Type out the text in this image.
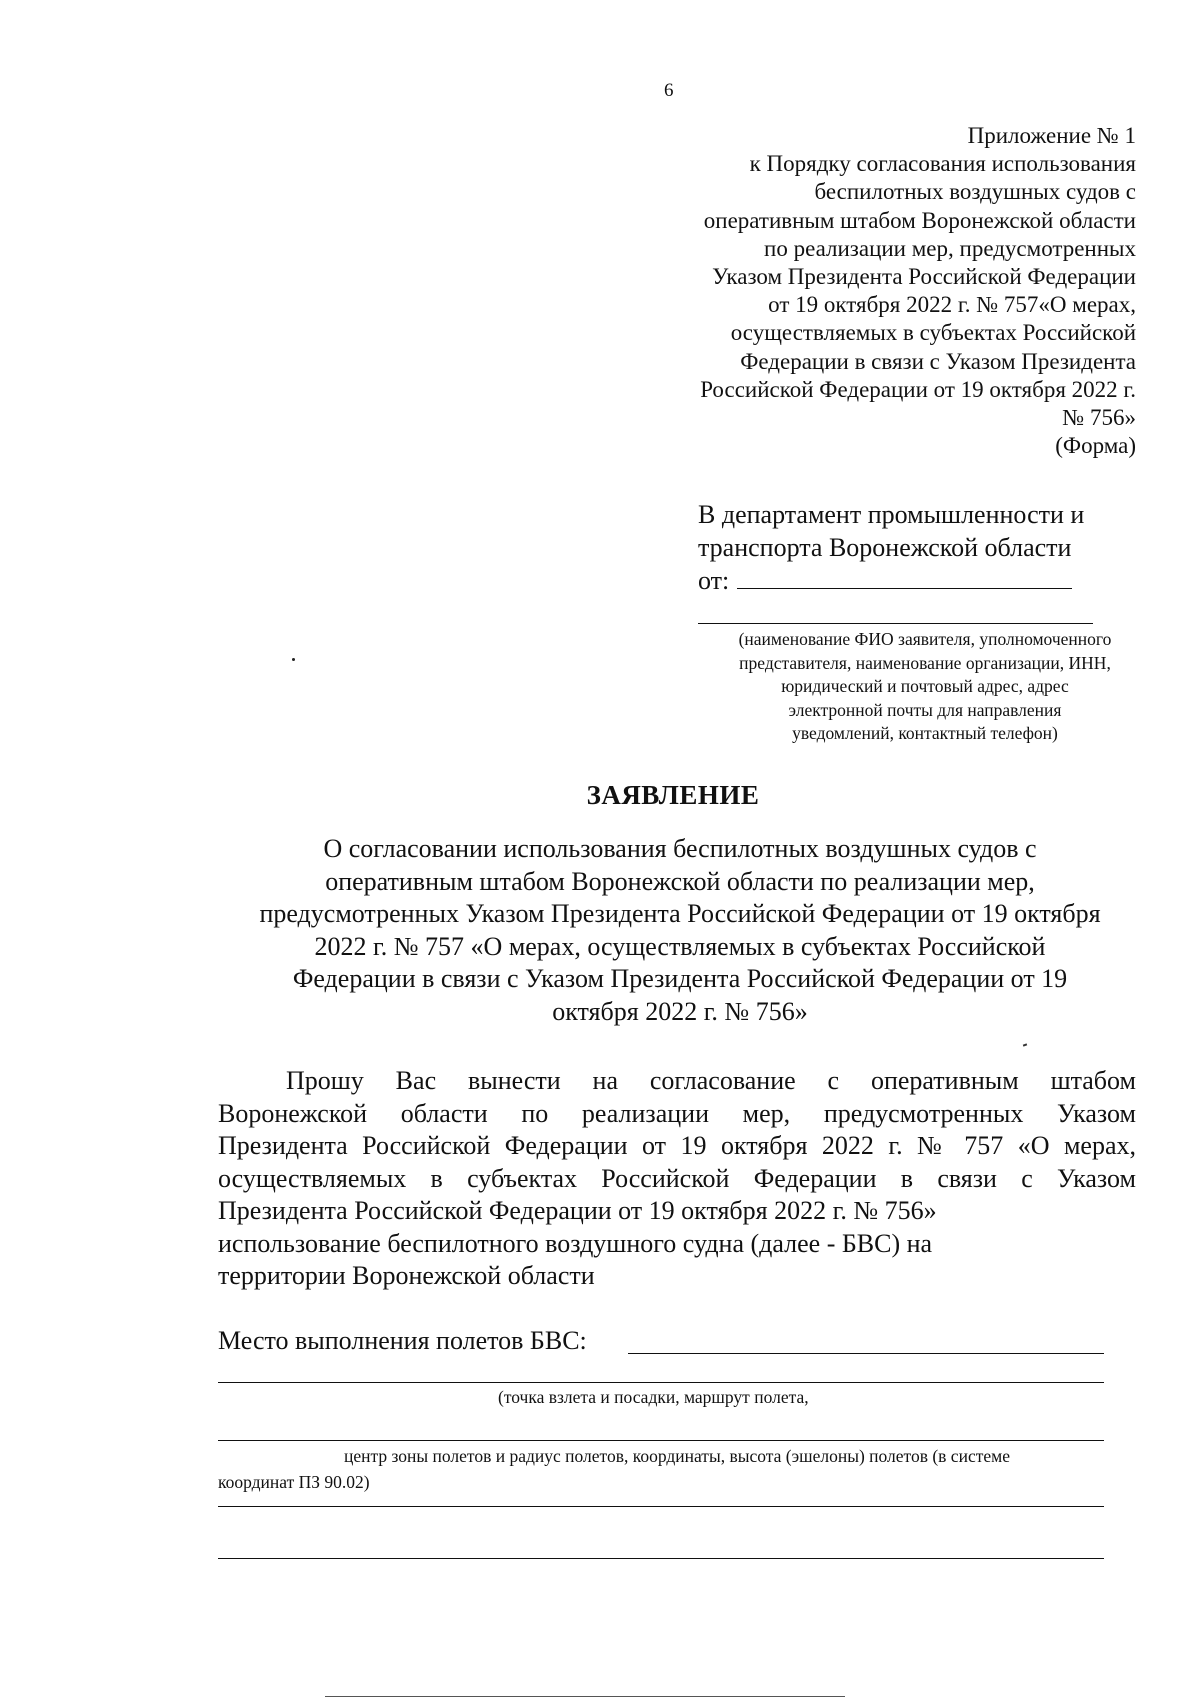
6
Приложение № 1
к Порядку согласования использования
беспилотных воздушных судов с
оперативным штабом Воронежской области
по реализации мер, предусмотренных
Указом Президента Российской Федерации
от 19 октября 2022 г. № 757«О мерах,
осуществляемых в субъектах Российской
Федерации в связи с Указом Президента
Российской Федерации от 19 октября 2022 г.
№ 756»
(Форма)
В департамент промышленности и
транспорта Воронежской области
от:
(наименование ФИО заявителя, уполномоченного
представителя, наименование организации, ИНН,
юридический и почтовый адрес, адрес
электронной почты для направления
уведомлений, контактный телефон)
ЗАЯВЛЕНИЕ
О согласовании использования беспилотных воздушных судов с
оперативным штабом Воронежской области по реализации мер,
предусмотренных Указом Президента Российской Федерации от 19 октября
2022 г. № 757 «О мерах, осуществляемых в субъектах Российской
Федерации в связи с Указом Президента Российской Федерации от 19
октября 2022 г. № 756»
Прошу Вас вынести на согласование с оперативным штабом
Воронежской области по реализации мер, предусмотренных Указом
Президента Российской Федерации от 19 октября 2022 г. № 757 «О мерах,
осуществляемых в субъектах Российской Федерации в связи с Указом
Президента Российской Федерации от 19 октября 2022 г. № 756»
использование беспилотного воздушного судна (далее - БВС) на
территории Воронежской области
Место выполнения полетов БВС:
(точка взлета и посадки, маршрут полета,
центр зоны полетов и радиус полетов, координаты, высота (эшелоны) полетов (в системе
координат ПЗ 90.02)
